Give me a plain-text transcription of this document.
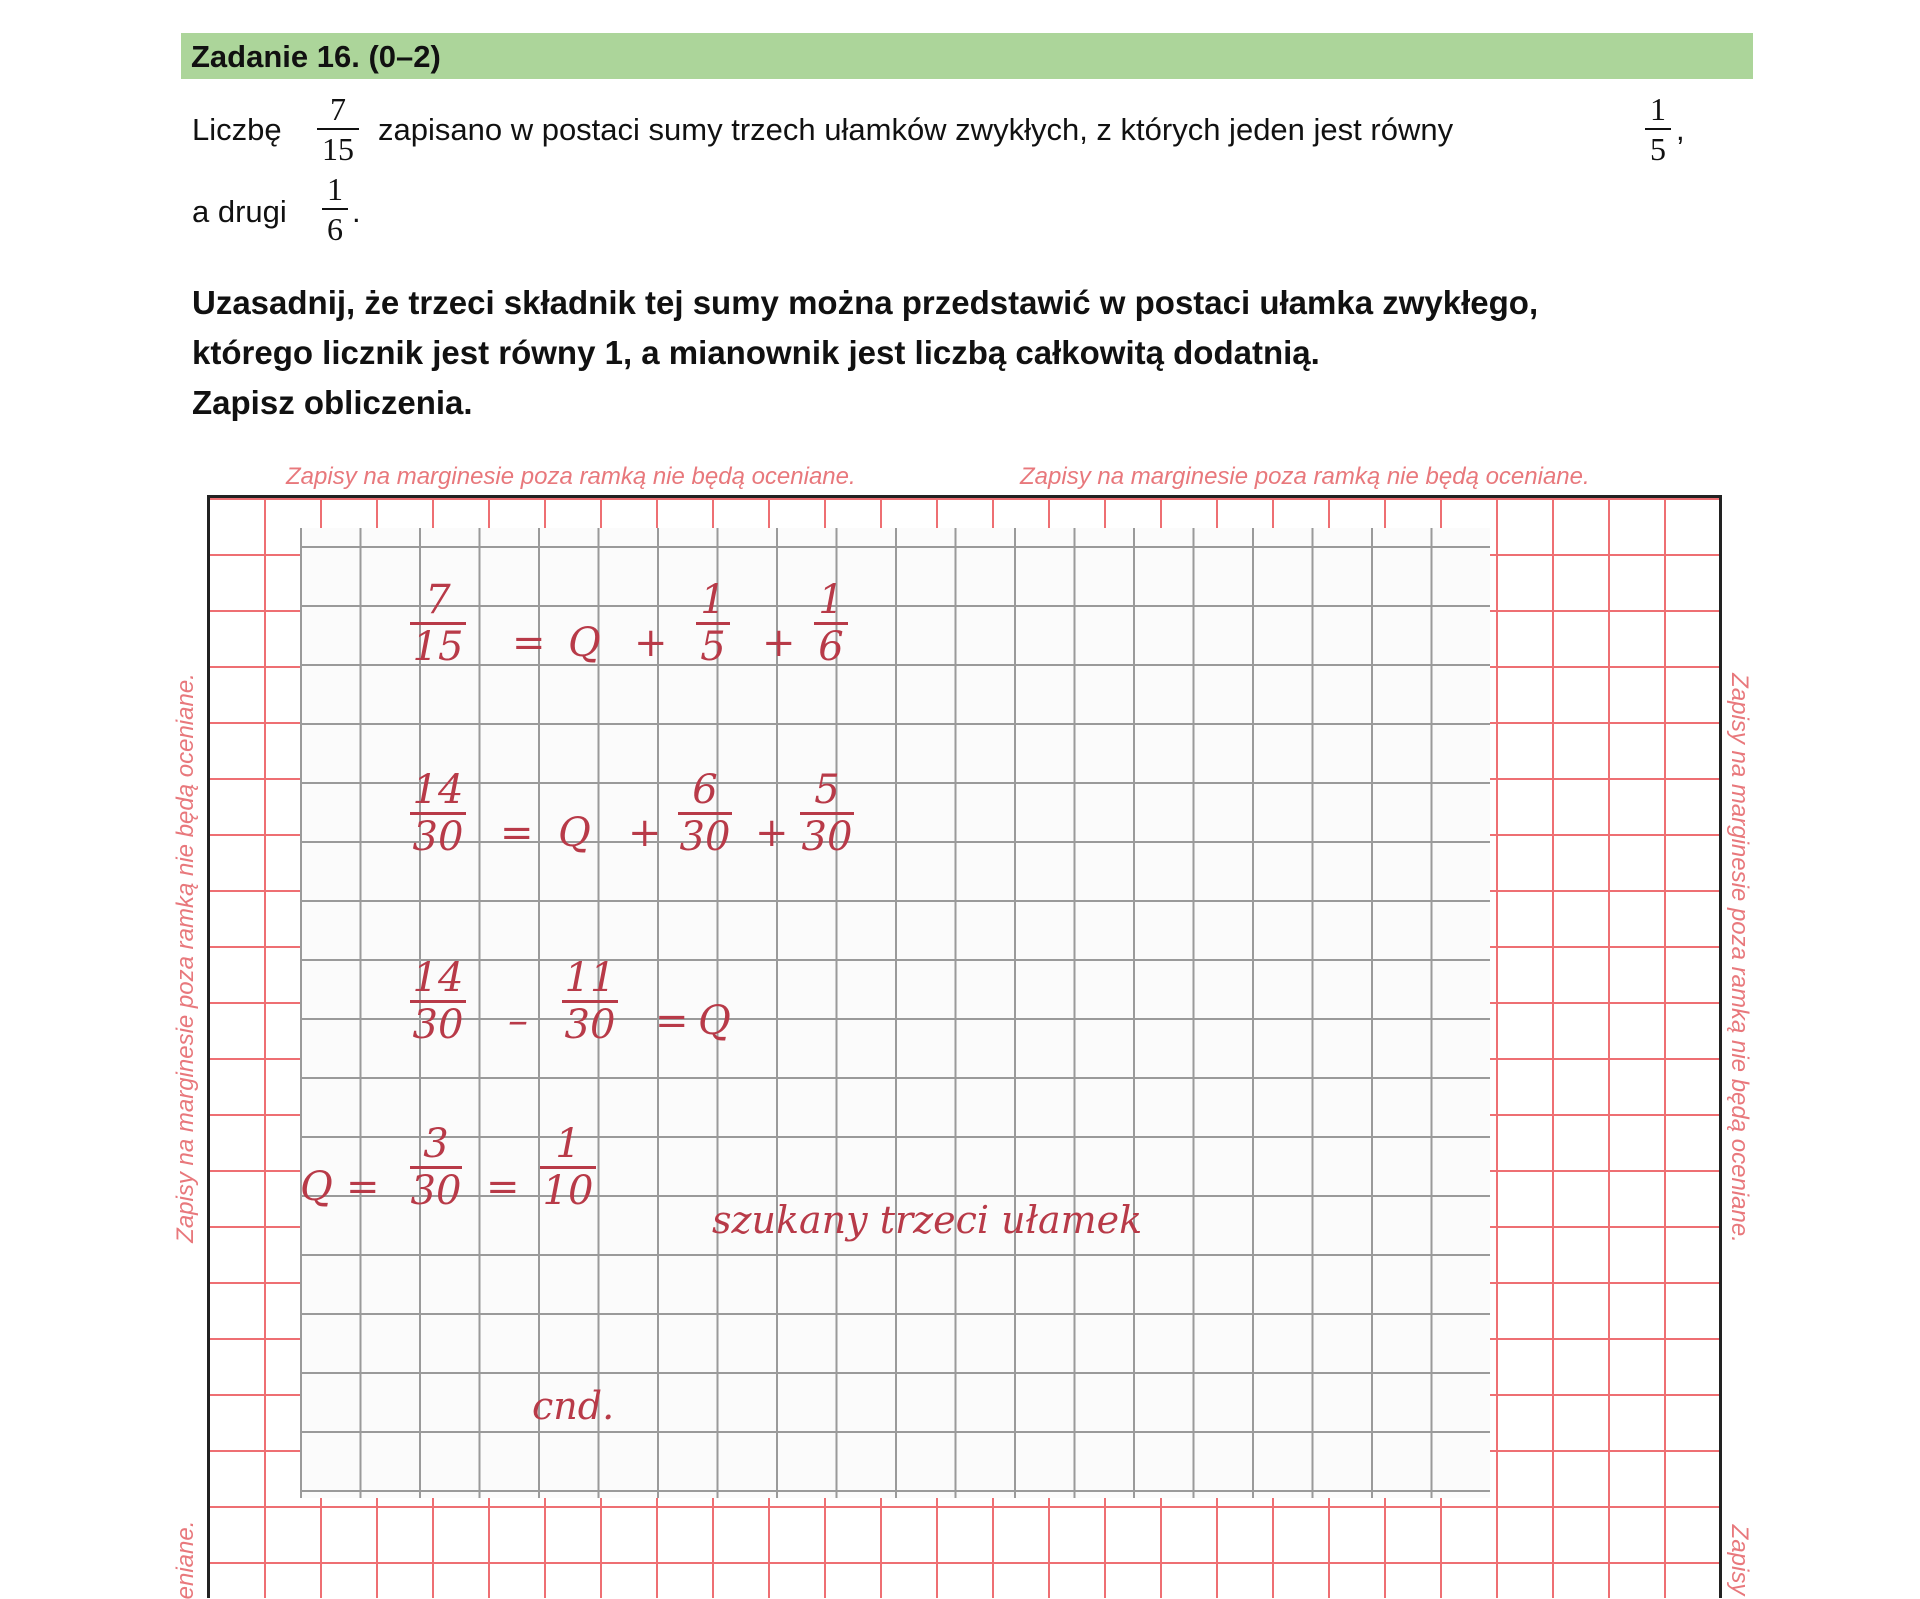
Zadanie 16. (0–2)
Liczbę
7
15
zapisano w postaci sumy trzech ułamków zwykłych, z których jeden jest równy
1
5
,
a drugi
1
6 .
Uzasadnij, że trzeci składnik tej sumy można przedstawić w postaci ułamka zwykłego,
którego licznik jest równy 1, a mianownik jest liczbą całkowitą dodatnią.
Zapisz obliczenia.
Zapisy na marginesie poza ramką nie będą oceniane.	Zapisy na marginesie poza ramką nie będą oceniane.
Zapisy na marginesie poza ramką nie będą oceniane.	Zapisy na marginesie poza ramką nie będą oceniane.
eniane.	Zapisy
7
15 = Q +
1
5 +
1
6
14
30 = Q +
6
30 +
5
30
14
30 –
11
30 = Q
Q =
3
30 =
1
10
szukany trzeci ułamek
cnd.
